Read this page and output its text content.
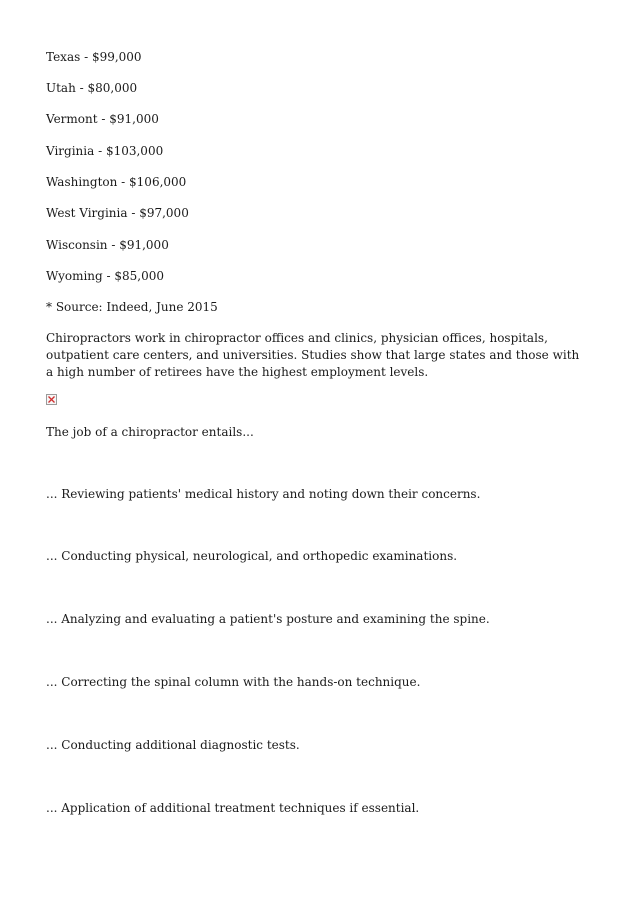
Texas - $99,000
Utah - $80,000
Vermont - $91,000
Virginia - $103,000
Washington - $106,000
West Virginia - $97,000
Wisconsin - $91,000
Wyoming - $85,000
* Source: Indeed, June 2015
Chiropractors work in chiropractor offices and clinics, physician offices, hospitals, outpatient care centers, and universities. Studies show that large states and those with a high number of retirees have the highest employment levels.
The job of a chiropractor entails...
... Reviewing patients' medical history and noting down their concerns.
... Conducting physical, neurological, and orthopedic examinations.
... Analyzing and evaluating a patient's posture and examining the spine.
... Correcting the spinal column with the hands-on technique.
... Conducting additional diagnostic tests.
... Application of additional treatment techniques if essential.
